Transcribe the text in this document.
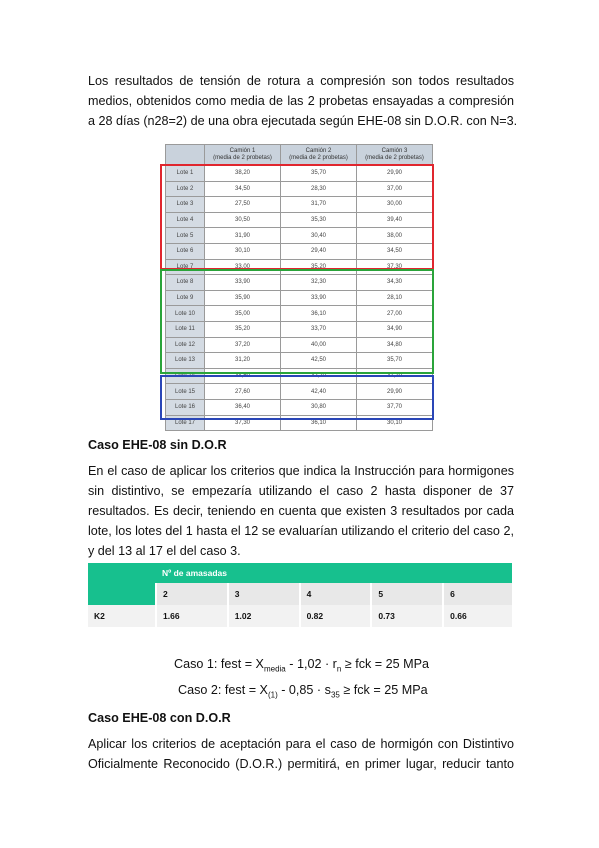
Los resultados de tensión de rotura a compresión son todos resultados
medios, obtenidos como media de las 2 probetas ensayadas a compresión
a 28 días (n28=2) de una obra ejecutada según EHE-08 sin D.O.R. con N=3.
	Camión 1
(media de 2 probetas)	Camión 2
(media de 2 probetas)	Camión 3
(media de 2 probetas)
Lote 1	38,20	35,70	29,90
Lote 2	34,50	28,30	37,00
Lote 3	27,50	31,70	30,00
Lote 4	30,50	35,30	39,40
Lote 5	31,90	30,40	38,00
Lote 6	30,10	29,40	34,50
Lote 7	33,00	35,20	37,30
Lote 8	33,90	32,30	34,30
Lote 9	35,90	33,90	28,10
Lote 10	35,00	36,10	27,00
Lote 11	35,20	33,70	34,90
Lote 12	37,20	40,00	34,80
Lote 13	31,20	42,50	35,70
Lote 14	34,50	32,70	31,10
Lote 15	27,60	42,40	29,90
Lote 16	36,40	30,80	37,70
Lote 17	37,30	36,10	30,10
Caso EHE-08 sin D.O.R
En el caso de aplicar los criterios que indica la Instrucción para hormigones
sin distintivo, se empezaría utilizando el caso 2 hasta disponer de 37
resultados. Es decir, teniendo en cuenta que existen 3 resultados por cada
lote, los lotes del 1 hasta el 12 se evaluarían utilizando el criterio del caso 2,
y del 13 al 17 el del caso 3.
	Nº de amasadas				
	2	3	4	5	6
K2	1.66	1.02	0.82	0.73	0.66
Caso 1: fest = $X_{media} - 1,02 \cdot r_n$ ≥ fck = 25 MPa
Caso 2: fest = $X_{(1)} - 0,85 \cdot s_{35}$ ≥ fck = 25 MPa
Caso EHE-08 con D.O.R
Aplicar los criterios de aceptación para el caso de hormigón con Distintivo
Oficialmente Reconocido (D.O.R.) permitirá, en primer lugar, reducir tanto
